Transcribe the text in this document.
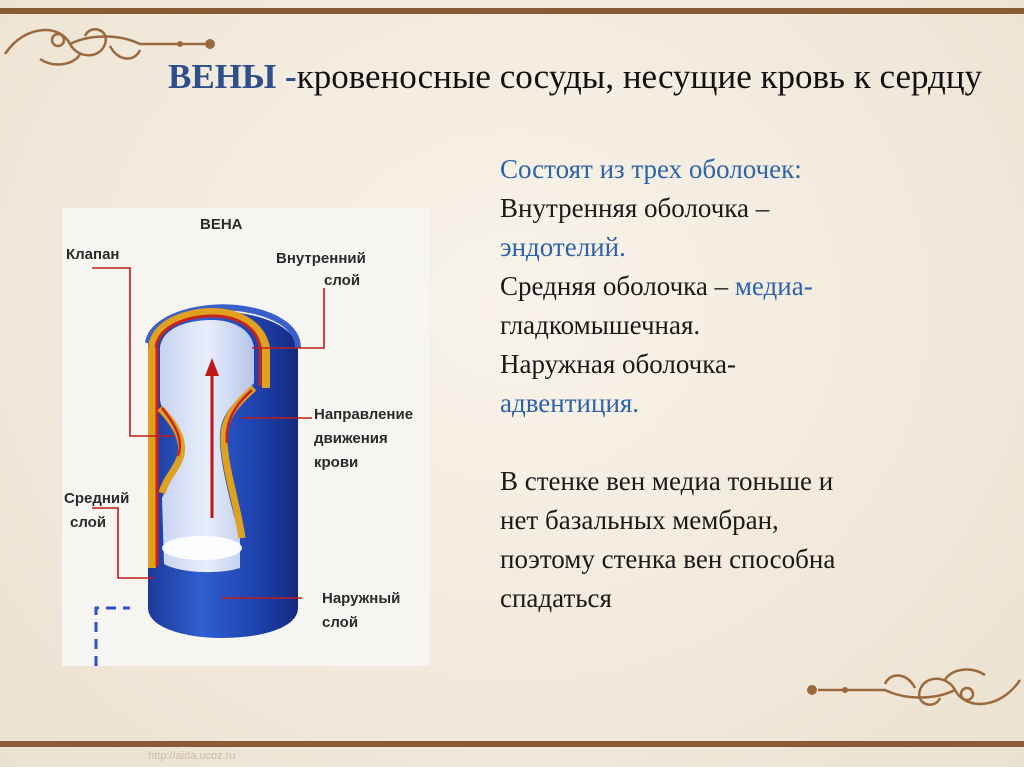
ВЕНЫ -кровеносные сосуды, несущие кровь к сердцу

Состоят из трех оболочек:

Внутренняя оболочка –

эндотелий.

Средняя оболочка – медиа-

гладкомышечная.

Наружная оболочка-

адвентиция.

В стенке вен медиа тоньше и

нет базальных мембран,

поэтому стенка вен способна

спадаться

ВЕНА
Клапан	Внутренний
слой
Направление
движения
крови
Средний
слой
Наружный
слой
http://aida.ucoz.ru
